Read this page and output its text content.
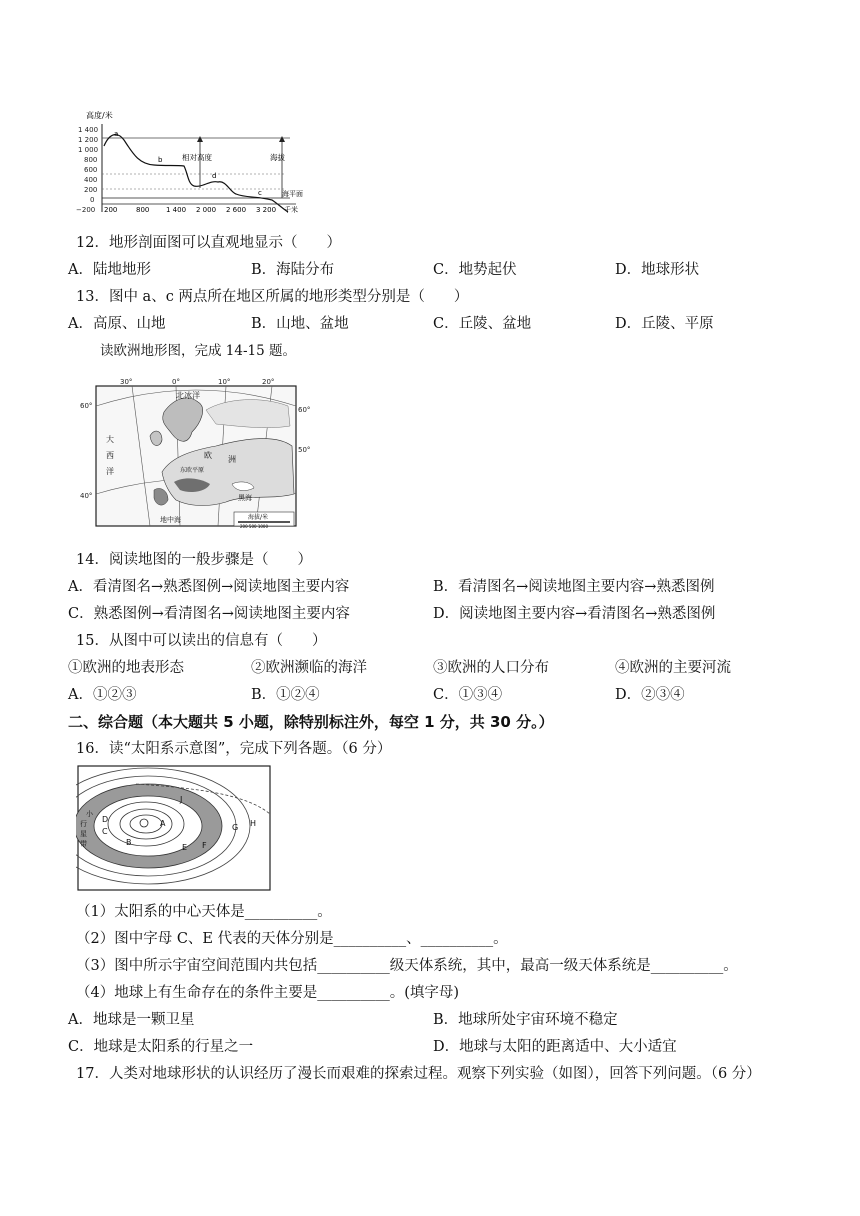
高度/米
1 400
1 200
1 000
800
600
400
200
0
−200
a
b
c
d
相对高度	海拔
海平面
200	800 1 400 2 000 2 600 3 200 千米
12．地形剖面图可以直观地显示（　　）
A．陆地地形	B．海陆分布	C．地势起伏	D．地球形状
13．图中 a、c 两点所在地区所属的地形类型分别是（　　）
A．高原、山地	B．山地、盆地	C．丘陵、盆地	D．丘陵、平原
读欧洲地形图，完成 14-15 题。
30°	0°	10°	20°
60°
40°
60°
50°
北冰洋
大
西
洋
欧 洲
东欧平原
黑海
地中海	海拔/米
200 500 1000
14．阅读地图的一般步骤是（　　）
A．看清图名→熟悉图例→阅读地图主要内容	B．看清图名→阅读地图主要内容→熟悉图例
C．熟悉图例→看清图名→阅读地图主要内容	D．阅读地图主要内容→看清图名→熟悉图例
15．从图中可以读出的信息有（　　）
①欧洲的地表形态	②欧洲濒临的海洋	③欧洲的人口分布	④欧洲的主要河流
A．①②③	B．①②④	C．①③④	D．②③④
二、综合题（本大题共 5 小题，除特别标注外，每空 1 分，共 30 分。）
16．读“太阳系示意图”，完成下列各题。（6 分）
A
B
C
D
E F
G H
J
小
行
星
带
（1）太阳系的中心天体是__________。
（2）图中字母 C、E 代表的天体分别是__________、__________。
（3）图中所示宇宙空间范围内共包括__________级天体系统，其中，最高一级天体系统是__________。
（4）地球上有生命存在的条件主要是__________。(填字母)
A．地球是一颗卫星	B．地球所处宇宙环境不稳定
C．地球是太阳系的行星之一	D．地球与太阳的距离适中、大小适宜
17．人类对地球形状的认识经历了漫长而艰难的探索过程。观察下列实验（如图），回答下列问题。（6 分）
